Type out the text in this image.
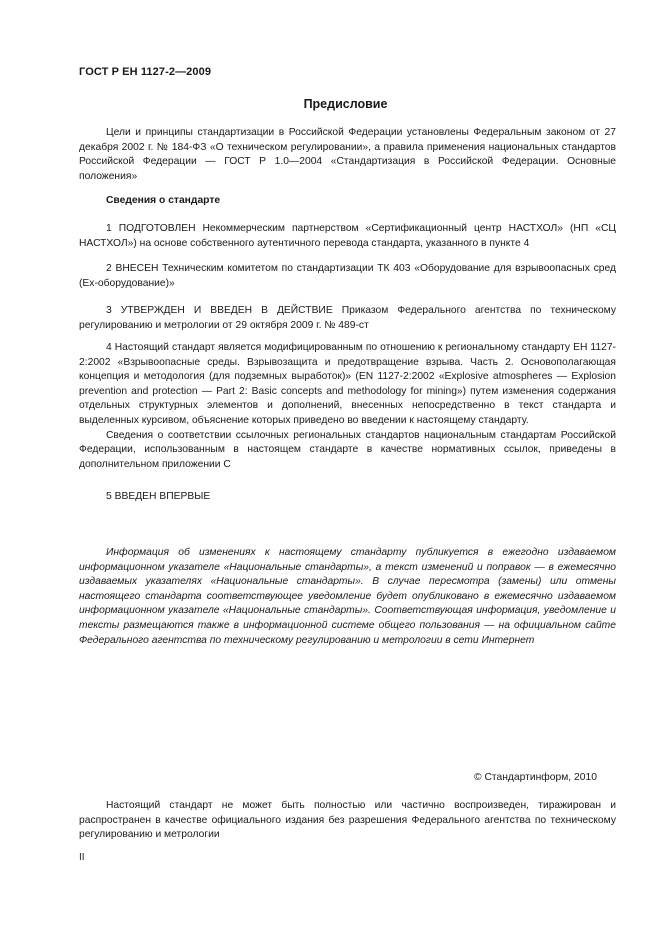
ГОСТ Р ЕН 1127-2—2009
Предисловие

Цели и принципы стандартизации в Российской Федерации установлены Федеральным законом от 27 декабря 2002 г. № 184-ФЗ «О техническом регулировании», а правила применения национальных стандартов Российской Федерации — ГОСТ Р 1.0—2004 «Стандартизация в Российской Федерации. Основные положения»

Сведения о стандарте

1 ПОДГОТОВЛЕН Некоммерческим партнерством «Сертификационный центр НАСТХОЛ» (НП «СЦ НАСТХОЛ») на основе собственного аутентичного перевода стандарта, указанного в пункте 4

2 ВНЕСЕН Техническим комитетом по стандартизации ТК 403 «Оборудование для взрывоопасных сред (Ех-оборудование)»

3 УТВЕРЖДЕН И ВВЕДЕН В ДЕЙСТВИЕ Приказом Федерального агентства по техническому регулированию и метрологии от 29 октября 2009 г. № 489-ст

4 Настоящий стандарт является модифицированным по отношению к региональному стандарту ЕН 1127-2:2002 «Взрывоопасные среды. Взрывозащита и предотвращение взрыва. Часть 2. Основополагающая концепция и методология (для подземных выработок)» (EN 1127-2:2002 «Explosive atmospheres — Explosion prevention and protection — Part 2: Basic concepts and methodology for mining») путем изменения содержания отдельных структурных элементов и дополнений, внесенных непосредственно в текст стандарта и выделенных курсивом, объяснение которых приведено во введении к настоящему стандарту.

Сведения о соответствии ссылочных региональных стандартов национальным стандартам Российской Федерации, использованным в настоящем стандарте в качестве нормативных ссылок, приведены в дополнительном приложении С

5 ВВЕДЕН ВПЕРВЫЕ

Информация об изменениях к настоящему стандарту публикуется в ежегодно издаваемом информационном указателе «Национальные стандарты», а текст изменений и поправок — в ежемесячно издаваемых указателях «Национальные стандарты». В случае пересмотра (замены) или отмены настоящего стандарта соответствующее уведомление будет опубликовано в ежемесячно издаваемом информационном указателе «Национальные стандарты». Соответствующая информация, уведомление и тексты размещаются также в информационной системе общего пользования — на официальном сайте Федерального агентства по техническому регулированию и метрологии в сети Интернет

© Стандартинформ, 2010

Настоящий стандарт не может быть полностью или частично воспроизведен, тиражирован и распространен в качестве официального издания без разрешения Федерального агентства по техническому регулированию и метрологии

II
